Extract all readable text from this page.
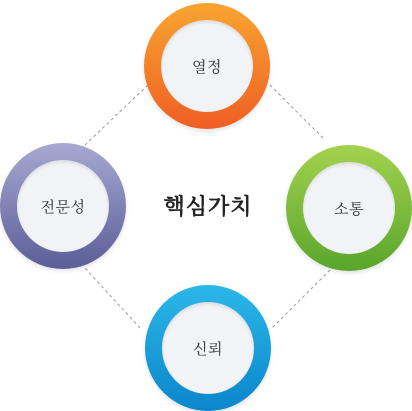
열정
소통
신뢰
전문성	핵심가치
